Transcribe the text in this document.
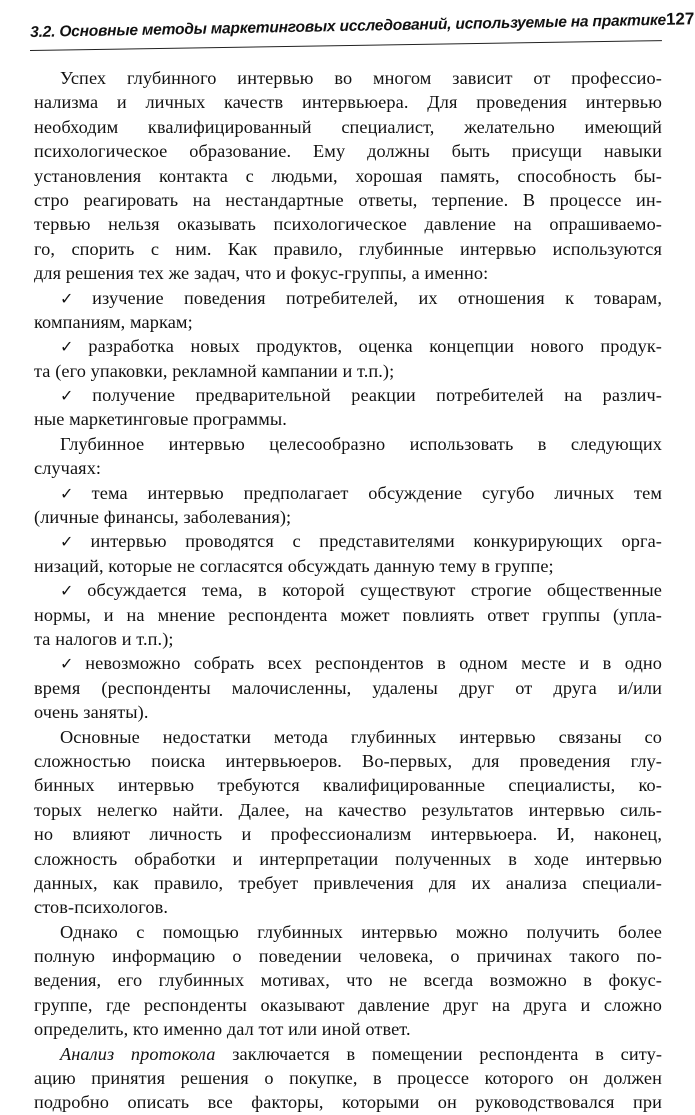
3.2. Основные методы маркетинговых исследований, используемые на практике 127
Успех глубинного интервью во многом зависит от профессио-
нализма и личных качеств интервьюера. Для проведения интервью
необходим квалифицированный специалист, желательно имеющий
психологическое образование. Ему должны быть присущи навыки
установления контакта с людьми, хорошая память, способность бы-
стро реагировать на нестандартные ответы, терпение. В процессе ин-
тервью нельзя оказывать психологическое давление на опрашиваемо-
го, спорить с ним. Как правило, глубинные интервью используются
для решения тех же задач, что и фокус-группы, а именно:
✓ изучение поведения потребителей, их отношения к товарам,
компаниям, маркам;
✓ разработка новых продуктов, оценка концепции нового продук-
та (его упаковки, рекламной кампании и т.п.);
✓ получение предварительной реакции потребителей на различ-
ные маркетинговые программы.
Глубинное интервью целесообразно использовать в следующих
случаях:
✓ тема интервью предполагает обсуждение сугубо личных тем
(личные финансы, заболевания);
✓ интервью проводятся с представителями конкурирующих орга-
низаций, которые не согласятся обсуждать данную тему в группе;
✓ обсуждается тема, в которой существуют строгие общественные
нормы, и на мнение респондента может повлиять ответ группы (упла-
та налогов и т.п.);
✓ невозможно собрать всех респондентов в одном месте и в одно
время (респонденты малочисленны, удалены друг от друга и/или
очень заняты).
Основные недостатки метода глубинных интервью связаны со
сложностью поиска интервьюеров. Во-первых, для проведения глу-
бинных интервью требуются квалифицированные специалисты, ко-
торых нелегко найти. Далее, на качество результатов интервью силь-
но влияют личность и профессионализм интервьюера. И, наконец,
сложность обработки и интерпретации полученных в ходе интервью
данных, как правило, требует привлечения для их анализа специали-
стов-психологов.
Однако с помощью глубинных интервью можно получить более
полную информацию о поведении человека, о причинах такого по-
ведения, его глубинных мотивах, что не всегда возможно в фокус-
группе, где респонденты оказывают давление друг на друга и сложно
определить, кто именно дал тот или иной ответ.
Анализ протокола заключается в помещении респондента в ситу-
ацию принятия решения о покупке, в процессе которого он должен
подробно описать все факторы, которыми он руководствовался при
